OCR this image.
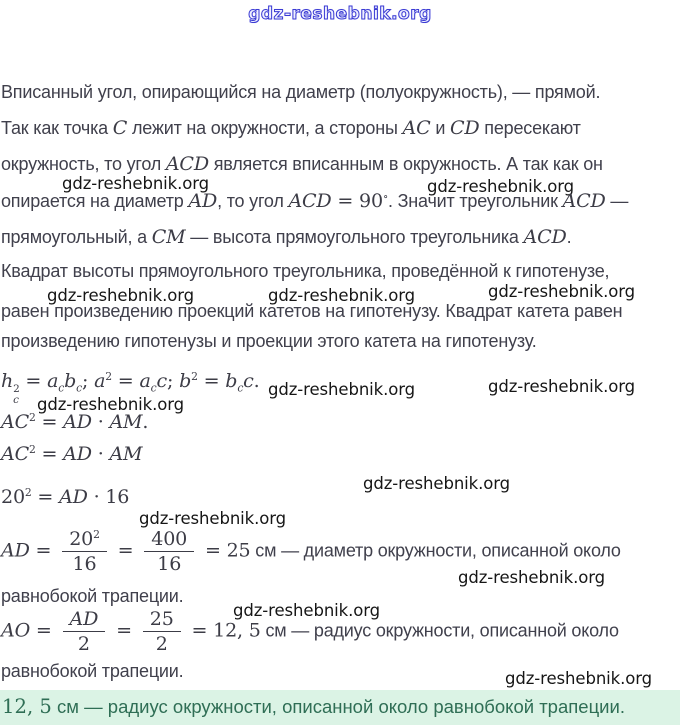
gdz-reshebnik.org
gdz-reshebnik.org	gdz-reshebnik.org
gdz-reshebnik.org	gdz-reshebnik.org	gdz-reshebnik.org
gdz-reshebnik.org	gdz-reshebnik.org
gdz-reshebnik.org
gdz-reshebnik.org
gdz-reshebnik.org
gdz-reshebnik.org
gdz-reshebnik.org
gdz-reshebnik.org
Вписанный угол, опирающийся на диаметр (полуокружность), — прямой.
Так как точка C лежит на окружности, а стороны AC и CD пересекают
окружность, то угол ACD является вписанным в окружность. А так как он
опирается на диаметр AD, то угол ACD = 90∘. Значит треугольник ACD —
прямоугольный, а CM — высота прямоугольного треугольника ACD.
Квадрат высоты прямоугольного треугольника, проведённой к гипотенузе,
равен произведению проекций катетов на гипотенузу. Квадрат катета равен
произведению гипотенузы и проекции этого катета на гипотенузу.
h 2
c
= $a_cb_c$; $a^2 = a_cc$; $b^2 = b_cc$.
$AC^2$ = AD · AM.
$AC^2$ = AD · AM
$20^2$ = AD · 16
AD = $\frac{20^2}{16} = \frac{400}{16} = 25$ см — диаметр окружности, описанной около
равнобокой трапеции.
AO = $\frac{AD}{2} = \frac{25}{2} = 12$, 5 см — радиус окружности, описанной около
равнобокой трапеции.
12, 5 см — радиус окружности, описанной около равнобокой трапеции.
